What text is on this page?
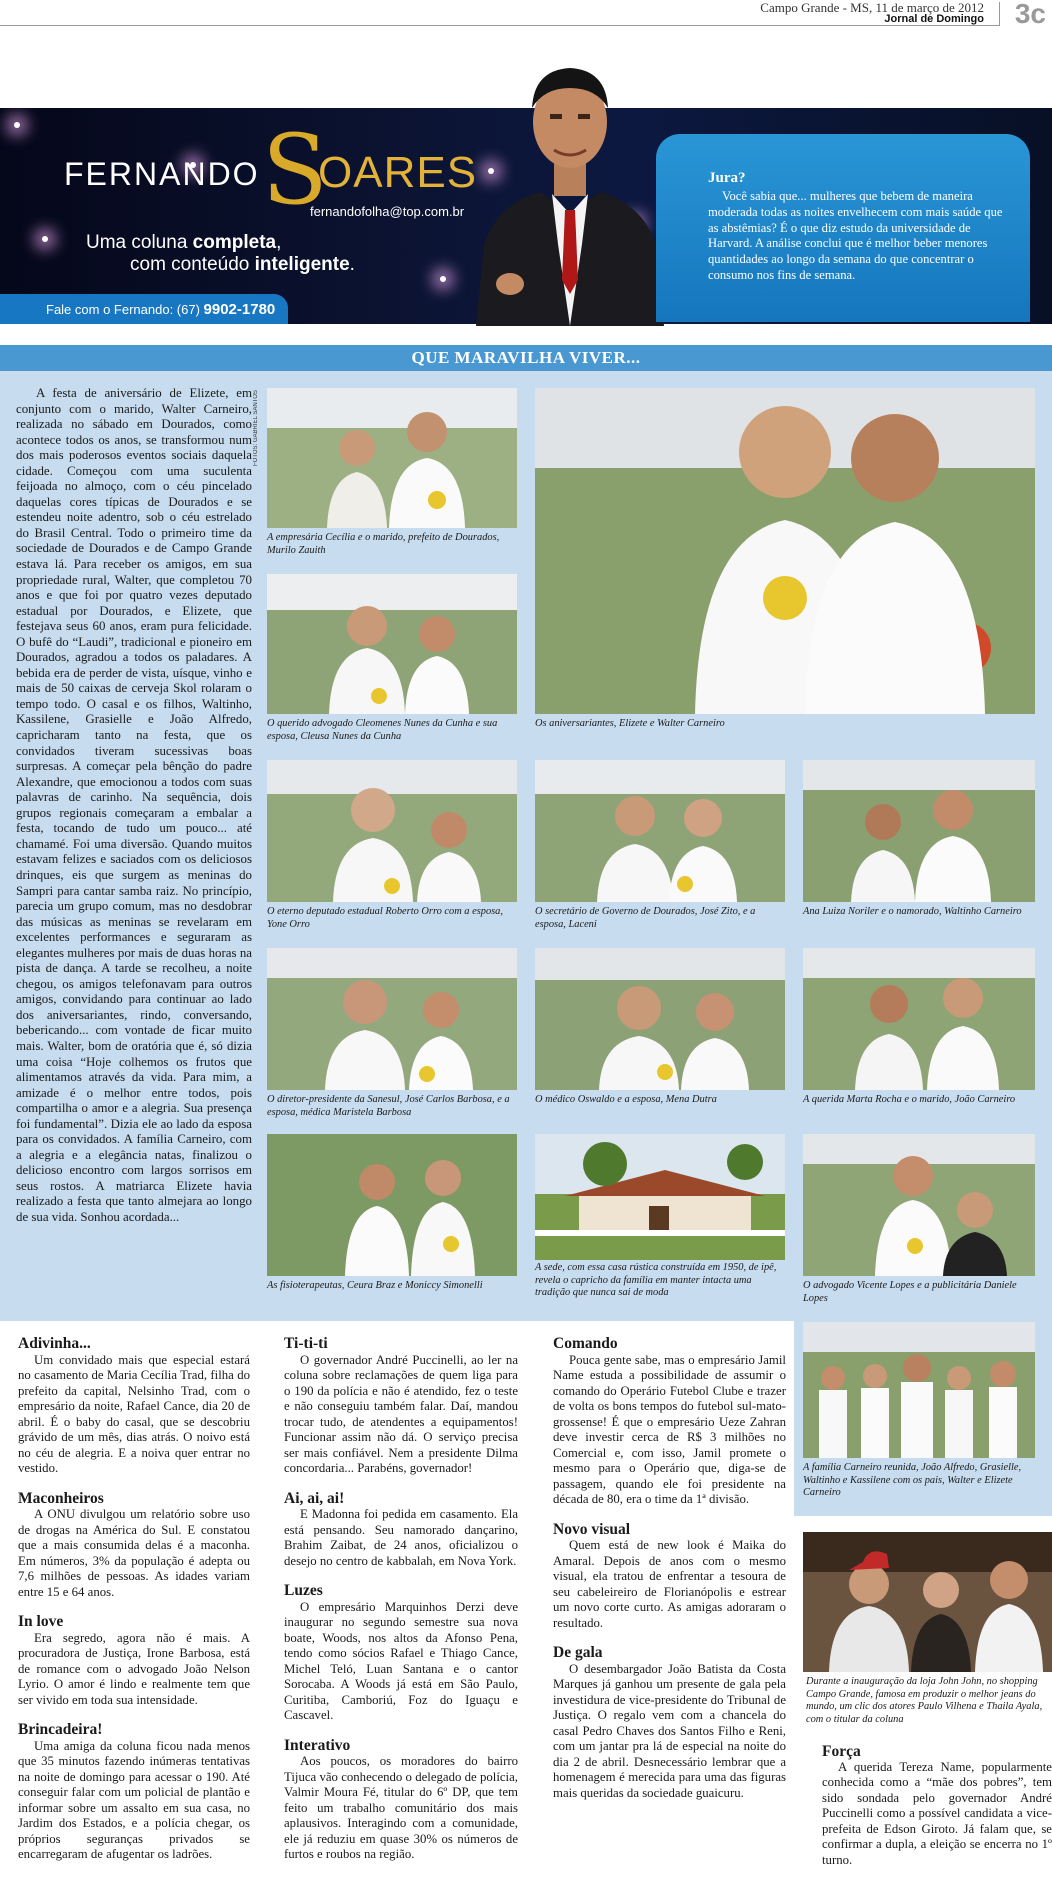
Campo Grande - MS, 11 de março de 2012
Jornal de Domingo 3c
FERNANDO S
OARES
fernandofolha@top.com.br
Uma coluna completa,
com conteúdo inteligente.
Fale com o Fernando: (67) 9902-1780
Jura?
Você sabia que... mulheres que bebem de maneira moderada todas as noites envelhecem com mais saúde que as abstêmias? É o que diz estudo da universidade de Harvard. A análise conclui que é melhor beber menores quantidades ao longo da semana do que concentrar o consumo nos fins de semana.
QUE MARAVILHA VIVER...

A festa de aniversário de Elizete, em conjunto com o marido, Walter Carneiro, realizada no sábado em Dourados, como acontece todos os anos, se transformou num dos mais poderosos eventos sociais daquela cidade. Começou com uma suculenta feijoada no almoço, com o céu pincelado daquelas cores típicas de Dourados e se estendeu noite adentro, sob o céu estrelado do Brasil Central. Todo o primeiro time da sociedade de Dourados e de Campo Grande estava lá. Para receber os amigos, em sua propriedade rural, Walter, que completou 70 anos e que foi por quatro vezes deputado estadual por Dourados, e Elizete, que festejava seus 60 anos, eram pura felicidade. O bufê do “Laudi”, tradicional e pioneiro em Dourados, agradou a todos os paladares. A bebida era de perder de vista, uísque, vinho e mais de 50 caixas de cerveja Skol rolaram o tempo todo. O casal e os filhos, Waltinho, Kassilene, Grasielle e João Alfredo, capricharam tanto na festa, que os convidados tiveram sucessivas boas surpresas. A começar pela bênção do padre Alexandre, que emocionou a todos com suas palavras de carinho. Na sequência, dois grupos regionais começaram a embalar a festa, tocando de tudo um pouco... até chamamé. Foi uma diversão. Quando muitos estavam felizes e saciados com os deliciosos drinques, eis que surgem as meninas do Sampri para cantar samba raiz. No princípio, parecia um grupo comum, mas no desdobrar das músicas as meninas se revelaram em excelentes performances e seguraram as elegantes mulheres por mais de duas horas na pista de dança. A tarde se recolheu, a noite chegou, os amigos telefonavam para outros amigos, convidando para continuar ao lado dos aniversariantes, rindo, conversando, bebericando... com vontade de ficar muito mais. Walter, bom de oratória que é, só dizia uma coisa “Hoje colhemos os frutos que alimentamos através da vida. Para mim, a amizade é o melhor entre todos, pois compartilha o amor e a alegria. Sua presença foi fundamental”. Dizia ele ao lado da esposa para os convidados. A família Carneiro, com a alegria e a elegância natas, finalizou o delicioso encontro com largos sorrisos em seus rostos. A matriarca Elizete havia realizado a festa que tanto almejara ao longo de sua vida. Sonhou acordada...

FOTOS: GABRIEL SANTOS
A empresária Cecília e o marido, prefeito de Dourados, Murilo Zauith
O querido advogado Cleomenes Nunes da Cunha e sua esposa, Cleusa Nunes da Cunha
Os aniversariantes, Elizete e Walter Carneiro
O eterno deputado estadual Roberto Orro com a esposa, Yone Orro
O secretário de Governo de Dourados, José Zito, e a esposa, Laceni
Ana Luiza Noriler e o namorado, Waltinho Carneiro
O diretor-presidente da Sanesul, José Carlos Barbosa, e a esposa, médica Maristela Barbosa
O médico Oswaldo e a esposa, Mena Dutra	A querida Marta Rocha e o marido, João Carneiro
As fisioterapeutas, Ceura Braz e Moniccy Simonelli
A sede, com essa casa rústica construída em 1950, de ipê, revela o capricho da família em manter intacta uma tradição que nunca sai de moda
O advogado Vicente Lopes e a publicitária Daniele Lopes
A família Carneiro reunida, João Alfredo, Grasielle, Waltinho e Kassilene com os pais, Walter e Elizete Carneiro
Durante a inauguração da loja John John, no shopping Campo Grande, famosa em produzir o melhor jeans do mundo, um clic dos atores Paulo Vilhena e Thaila Ayala, com o titular da coluna
Adivinha...

Um convidado mais que especial estará no casamento de Maria Cecília Trad, filha do prefeito da capital, Nelsinho Trad, com o empresário da noite, Rafael Cance, dia 20 de abril. É o baby do casal, que se descobriu grávido de um mês, dias atrás. O noivo está no céu de alegria. E a noiva quer entrar no vestido.

Maconheiros

A ONU divulgou um relatório sobre uso de drogas na América do Sul. E constatou que a mais consumida delas é a maconha. Em números, 3% da população é adepta ou 7,6 milhões de pessoas. As idades variam entre 15 e 64 anos.

In love

Era segredo, agora não é mais. A procuradora de Justiça, Irone Barbosa, está de romance com o advogado João Nelson Lyrio. O amor é lindo e realmente tem que ser vivido em toda sua intensidade.

Brincadeira!

Uma amiga da coluna ficou nada menos que 35 minutos fazendo inúmeras tentativas na noite de domingo para acessar o 190. Até conseguir falar com um policial de plantão e informar sobre um assalto em sua casa, no Jardim dos Estados, e a polícia chegar, os próprios seguranças privados se encarregaram de afugentar os ladrões.

Ti-ti-ti

O governador André Puccinelli, ao ler na coluna sobre reclamações de quem liga para o 190 da polícia e não é atendido, fez o teste e não conseguiu também falar. Daí, mandou trocar tudo, de atendentes a equipamentos! Funcionar assim não dá. O serviço precisa ser mais confiável. Nem a presidente Dilma concordaria... Parabéns, governador!

Ai, ai, ai!

E Madonna foi pedida em casamento. Ela está pensando. Seu namorado dançarino, Brahim Zaibat, de 24 anos, oficializou o desejo no centro de kabbalah, em Nova York.

Luzes

O empresário Marquinhos Derzi deve inaugurar no segundo semestre sua nova boate, Woods, nos altos da Afonso Pena, tendo como sócios Rafael e Thiago Cance, Michel Teló, Luan Santana e o cantor Sorocaba. A Woods já está em São Paulo, Curitiba, Camboriú, Foz do Iguaçu e Cascavel.

Interativo

Aos poucos, os moradores do bairro Tijuca vão conhecendo o delegado de polícia, Valmir Moura Fé, titular do 6º DP, que tem feito um trabalho comunitário dos mais aplausivos. Interagindo com a comunidade, ele já reduziu em quase 30% os números de furtos e roubos na região.

Comando

Pouca gente sabe, mas o empresário Jamil Name estuda a possibilidade de assumir o comando do Operário Futebol Clube e trazer de volta os bons tempos do futebol sul-mato-grossense! É que o empresário Ueze Zahran deve investir cerca de R$ 3 milhões no Comercial e, com isso, Jamil promete o mesmo para o Operário que, diga-se de passagem, quando ele foi presidente na década de 80, era o time da 1ª divisão.

Novo visual

Quem está de new look é Maika do Amaral. Depois de anos com o mesmo visual, ela tratou de enfrentar a tesoura de seu cabeleireiro de Florianópolis e estrear um novo corte curto. As amigas adoraram o resultado.

De gala

O desembargador João Batista da Costa Marques já ganhou um presente de gala pela investidura de vice-presidente do Tribunal de Justiça. O regalo vem com a chancela do casal Pedro Chaves dos Santos Filho e Reni, com um jantar pra lá de especial na noite do dia 2 de abril. Desnecessário lembrar que a homenagem é merecida para uma das figuras mais queridas da sociedade guaicuru.

Força

A querida Tereza Name, popularmente conhecida como a “mãe dos pobres”, tem sido sondada pelo governador André Puccinelli como a possível candidata a vice-prefeita de Edson Giroto. Já falam que, se confirmar a dupla, a eleição se encerra no 1º turno.
